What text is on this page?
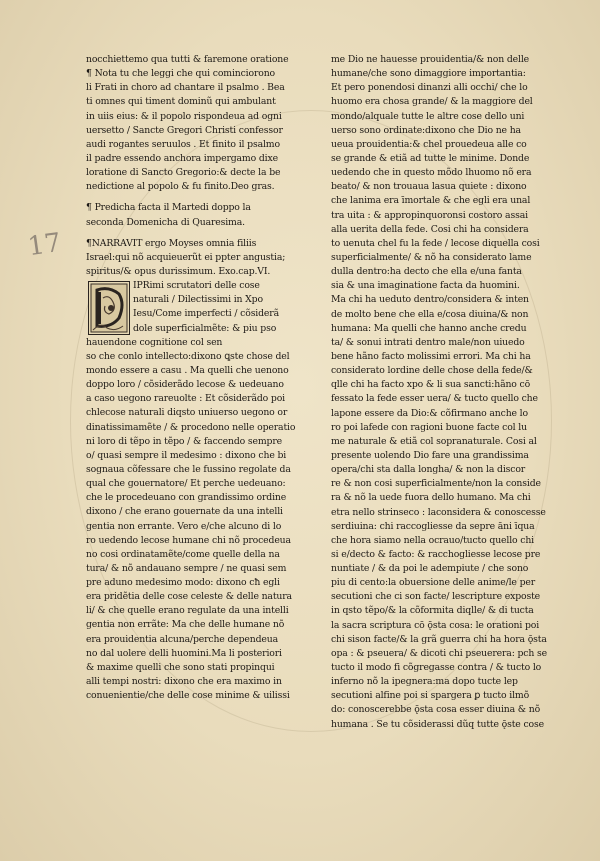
17
nocchiettemo qua tutti & faremone oratione
¶ Nota tu che leggi che qui cominciorono
li Frati in choro ad chantare il psalmo . Bea
ti omnes qui timent dominũ qui ambulant
in uiis eius: & il popolo rispondeua ad ogni
uersetto / Sancte Gregori Christi confessor
audi rogantes seruulos . Et finito il psalmo
il padre essendo anchora impergamo dixe
loratione di Sancto Gregorio:& decte la be
nedictione al popolo & fu finito.Deo gras.
¶ Predicha facta il Martedi doppo la
seconda Domenicha di Quaresima.
¶NARRAVIT ergo Moyses omnia filiis
Israel:qui nõ acquieuerũt ei ppter angustia;
spiritus/& opus durissimum. Exo.cap.VI.
IPRimi scrutatori delle cose
naturali / Dilectissimi in Xpo
Iesu/Come imperfecti / cõsiderã
dole superficialmẽte: & piu pso
hauendone cognitione col sen
so che conlo intellecto:dixono ꝗste chose del
mondo essere a casu . Ma quelli che uenono
doppo loro / cõsiderãdo lecose & uedeuano
a caso uegono rareuolte : Et cõsiderãdo poi
chlecose naturali diqsto uniuerso uegono or
dinatissimamẽte / & procedono nelle operatio
ni loro di tẽpo in tẽpo / & faccendo sempre
o/ quasi sempre il medesimo : dixono che bi
sognaua cõfessare che le fussino regolate da
qual che gouernatore/ Et perche uedeuano:
che le procedeuano con grandissimo ordine
dixono / che erano gouernate da una intelli
gentia non errante. Vero e/che alcuno di lo
ro uedendo lecose humane chi nõ procedeua
no cosi ordinatamẽte/come quelle della na
tura/ & nõ andauano sempre / ne quasi sem
pre aduno medesimo modo: dixono cħ egli
era pridẽtia delle cose celeste & delle natura
li/ & che quelle erano regulate da una intelli
gentia non errãte: Ma che delle humane nõ
era prouidentia alcuna/perche dependeua
no dal uolere delli huomini.Ma li posteriori
& maxime quelli che sono stati propinqui
alli tempi nostri: dixono che era maximo in
conuenientie/che delle cose minime & uilissi
me Dio ne hauesse prouidentia/& non delle
humane/che sono dimaggiore importantia:
Et pero ponendosi dinanzi alli occhi/ che lo
huomo era chosa grande/ & la maggiore del
mondo/alquale tutte le altre cose dello uni
uerso sono ordinate:dixono che Dio ne ha
ueua prouidentia:& chel prouedeua alle co
se grande & etiã ad tutte le minime. Donde
uedendo che in questo mõdo lhuomo nõ era
beato/ & non trouaua lasua quiete : dixono
che lanima era īmortale & che egli era unal
tra uita : & appropinquoronsi costoro assai
alla uerita della fede. Cosi chi ha considera
to uenuta chel fu la fede / lecose diquella cosi
superficialmente/ & nõ ha considerato lame
dulla dentro:ha decto che ella e/una fanta
sia & una imaginatione facta da huomini.
Ma chi ha ueduto dentro/considera & inten
de molto bene che ella e/cosa diuina/& non
humana: Ma quelli che hanno anche credu
ta/ & sonui intrati dentro male/non uiuedo
bene hãno facto molissimi errori. Ma chi ha
considerato lordine delle chose della fede/&
qlle chi ha facto xpo & li sua sancti:hãno cō
fessato la fede esser uera/ & tucto quello che
lapone essere da Dio:& cõfirmano anche lo
ro poi lafede con ragioni buone facte col lu
me naturale & etiã col sopranaturale. Cosi al
presente uolendo Dio fare una grandissima
opera/chi sta dalla longha/ & non la discor
re & non cosi superficialmente/non la conside
ra & nõ la uede fuora dello humano. Ma chi
etra nello strinseco : laconsidera & conoscesse
serdiuina: chi raccogliesse da sepre āni īqua
che hora siamo nella ocrauo/tucto quello chi
si e/decto & facto: & racchogliesse lecose pre
nuntiate / & da poi le adempiute / che sono
piu di cento:la obuersione delle anime/le per
secutioni che ci son facte/ lescripture exposte
in qsto tẽpo/& la cõformita diqlle/ & di tucta
la sacra scriptura cō ǭsta cosa: le orationi poi
chi sison facte/& la grã guerra chi ha hora ǭsta
opa : & pseuera/ & dicoti chi pseuerera: pch se
tucto il modo fi cõgregasse contra / & tucto lo
inferno nõ la ipegnera:ma dopo tucte lep
secutioni alfine poi si spargera ꝑ tucto ilmõ
do: conoscerebbe ǭsta cosa esser diuina & nõ
humana . Se tu cõsiderassi dũq tutte ǭste cose
